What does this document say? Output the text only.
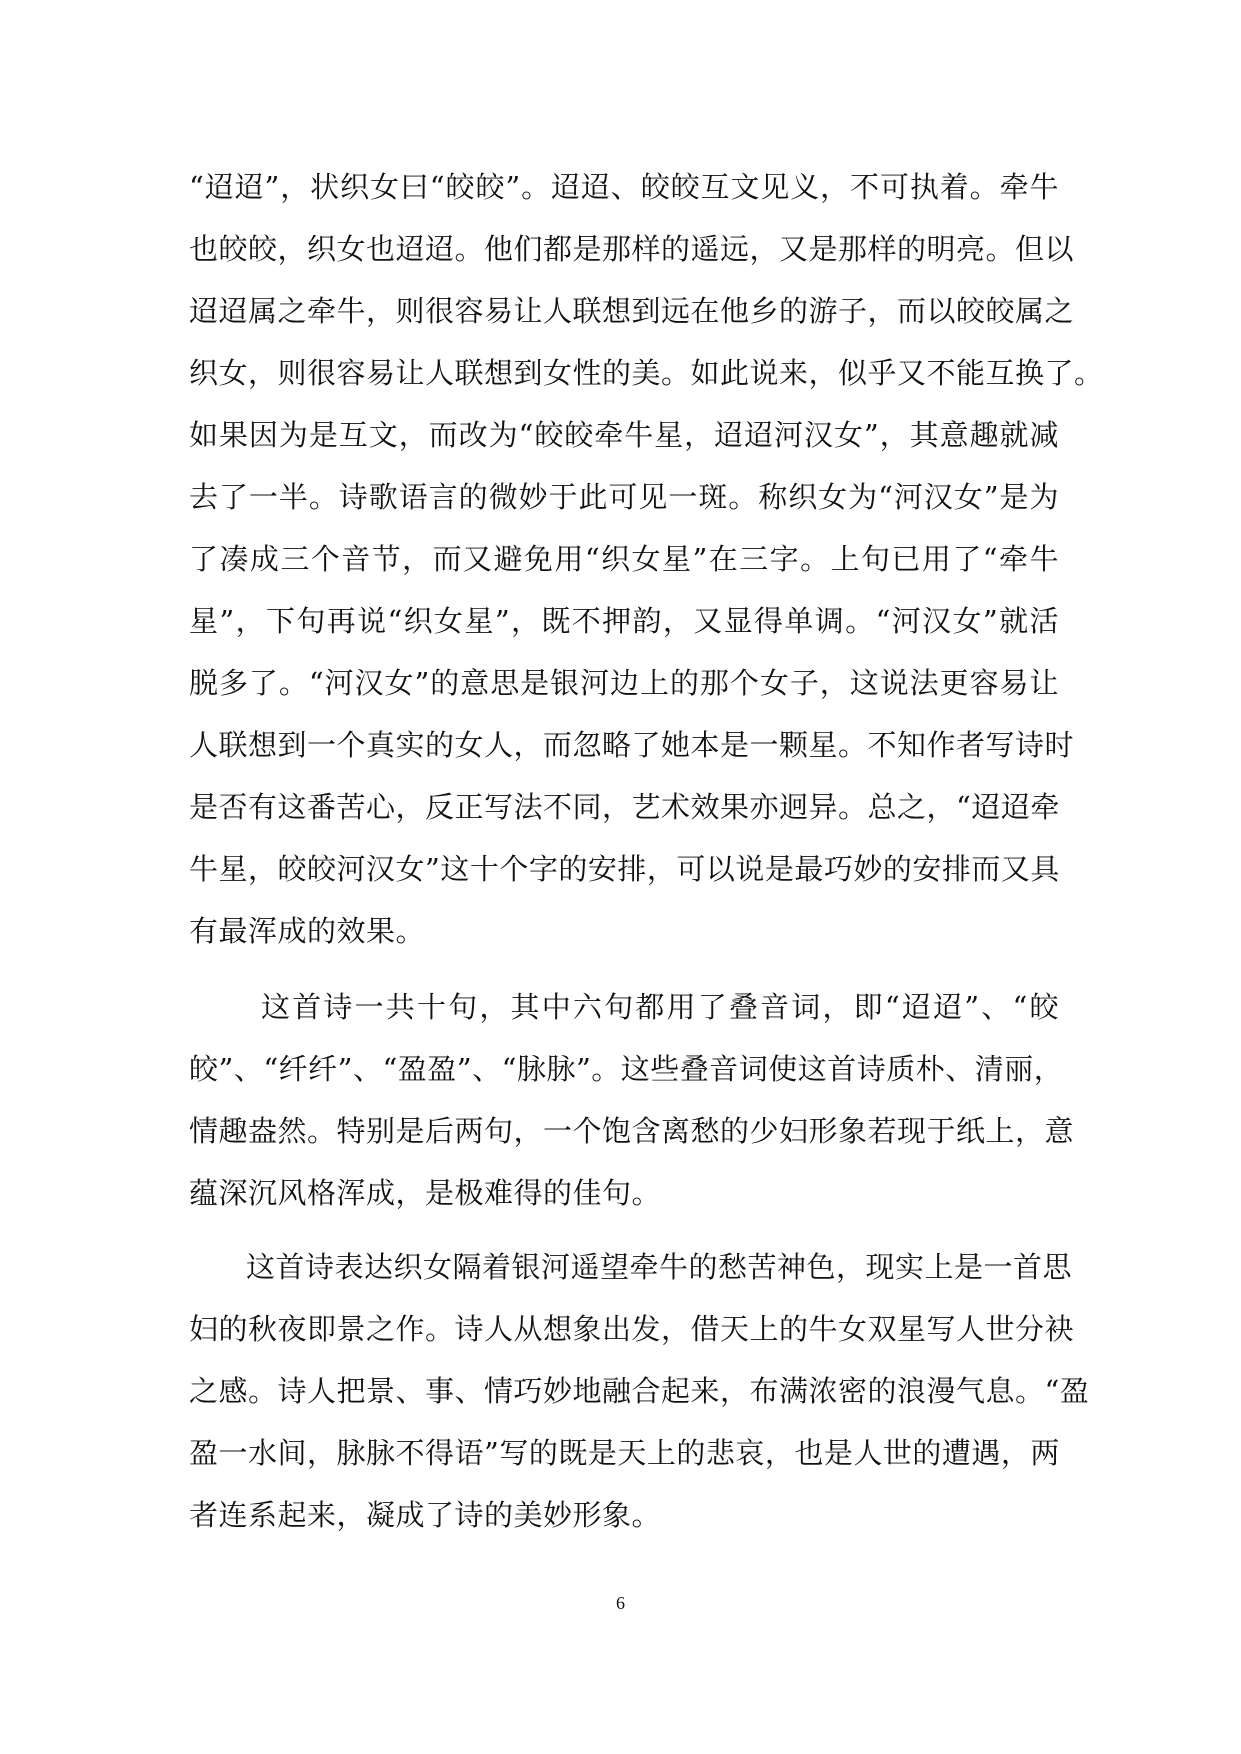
“迢迢”，状织女曰“皎皎”。迢迢、皎皎互文见义，不可执着。牵牛
也皎皎，织女也迢迢。他们都是那样的遥远，又是那样的明亮。但以
迢迢属之牵牛，则很容易让人联想到远在他乡的游子，而以皎皎属之
织女，则很容易让人联想到女性的美。如此说来，似乎又不能互换了。
如果因为是互文，而改为“皎皎牵牛星，迢迢河汉女”，其意趣就减
去了一半。诗歌语言的微妙于此可见一斑。称织女为“河汉女”是为
了凑成三个音节，而又避免用“织女星”在三字。上句已用了“牵牛
星”，下句再说“织女星”，既不押韵，又显得单调。“河汉女”就活
脱多了。“河汉女”的意思是银河边上的那个女子，这说法更容易让
人联想到一个真实的女人，而忽略了她本是一颗星。不知作者写诗时
是否有这番苦心，反正写法不同，艺术效果亦迥异。总之，“迢迢牵
牛星，皎皎河汉女”这十个字的安排，可以说是最巧妙的安排而又具
有最浑成的效果。

这首诗一共十句，其中六句都用了叠音词，即“迢迢”、“皎
皎”、“纤纤”、“盈盈”、“脉脉”。这些叠音词使这首诗质朴、清丽，
情趣盎然。特别是后两句，一个饱含离愁的少妇形象若现于纸上，意
蕴深沉风格浑成，是极难得的佳句。

这首诗表达织女隔着银河遥望牵牛的愁苦神色，现实上是一首思
妇的秋夜即景之作。诗人从想象出发，借天上的牛女双星写人世分袂
之感。诗人把景、事、情巧妙地融合起来，布满浓密的浪漫气息。“盈
盈一水间，脉脉不得语”写的既是天上的悲哀，也是人世的遭遇，两
者连系起来，凝成了诗的美妙形象。

6
